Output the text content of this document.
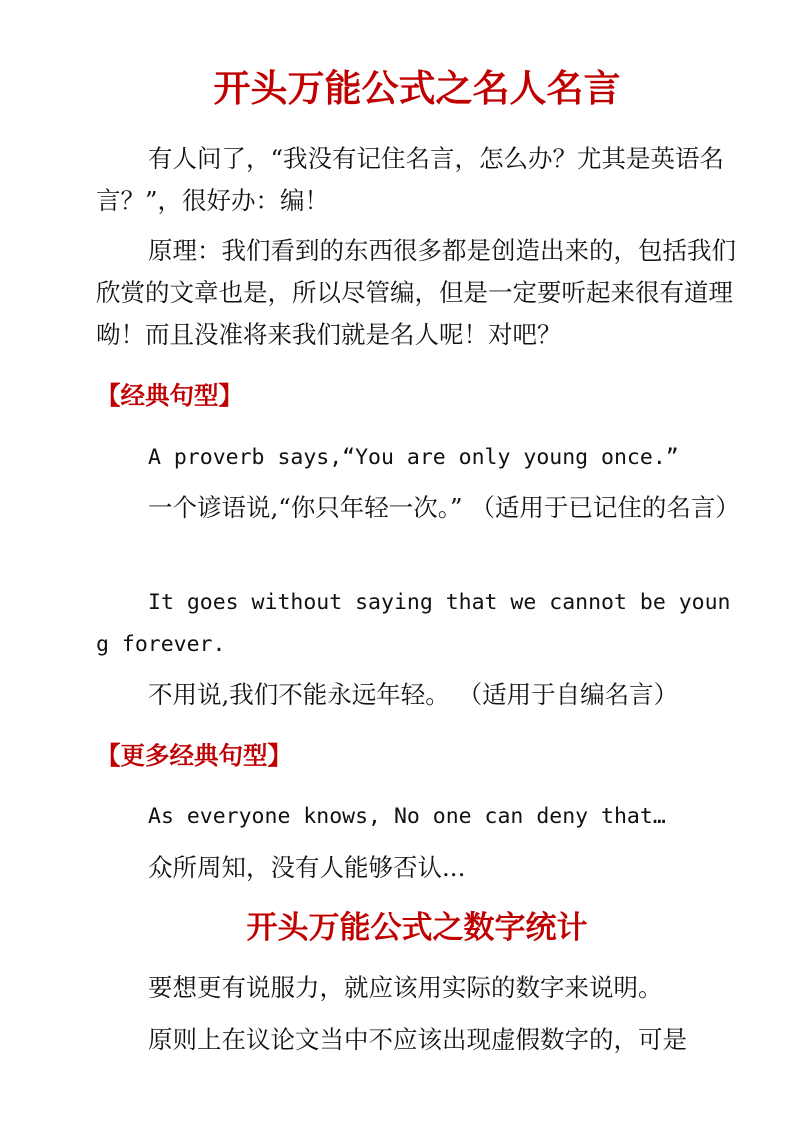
开头万能公式之名人名言

有人问了，“我没有记住名言，怎么办？尤其是英语名言？”，很好办：编！

原理：我们看到的东西很多都是创造出来的，包括我们欣赏的文章也是，所以尽管编，但是一定要听起来很有道理呦！而且没准将来我们就是名人呢！对吧？

【经典句型】

A proverb says,“You are only young once.”

一个谚语说,“你只年轻一次。” （适用于已记住的名言）

It goes without saying that we cannot be young forever.

不用说,我们不能永远年轻。 （适用于自编名言）

【更多经典句型】

As everyone knows, No one can deny that…

众所周知，没有人能够否认...

开头万能公式之数字统计

要想更有说服力，就应该用实际的数字来说明。

原则上在议论文当中不应该出现虚假数字的，可是
